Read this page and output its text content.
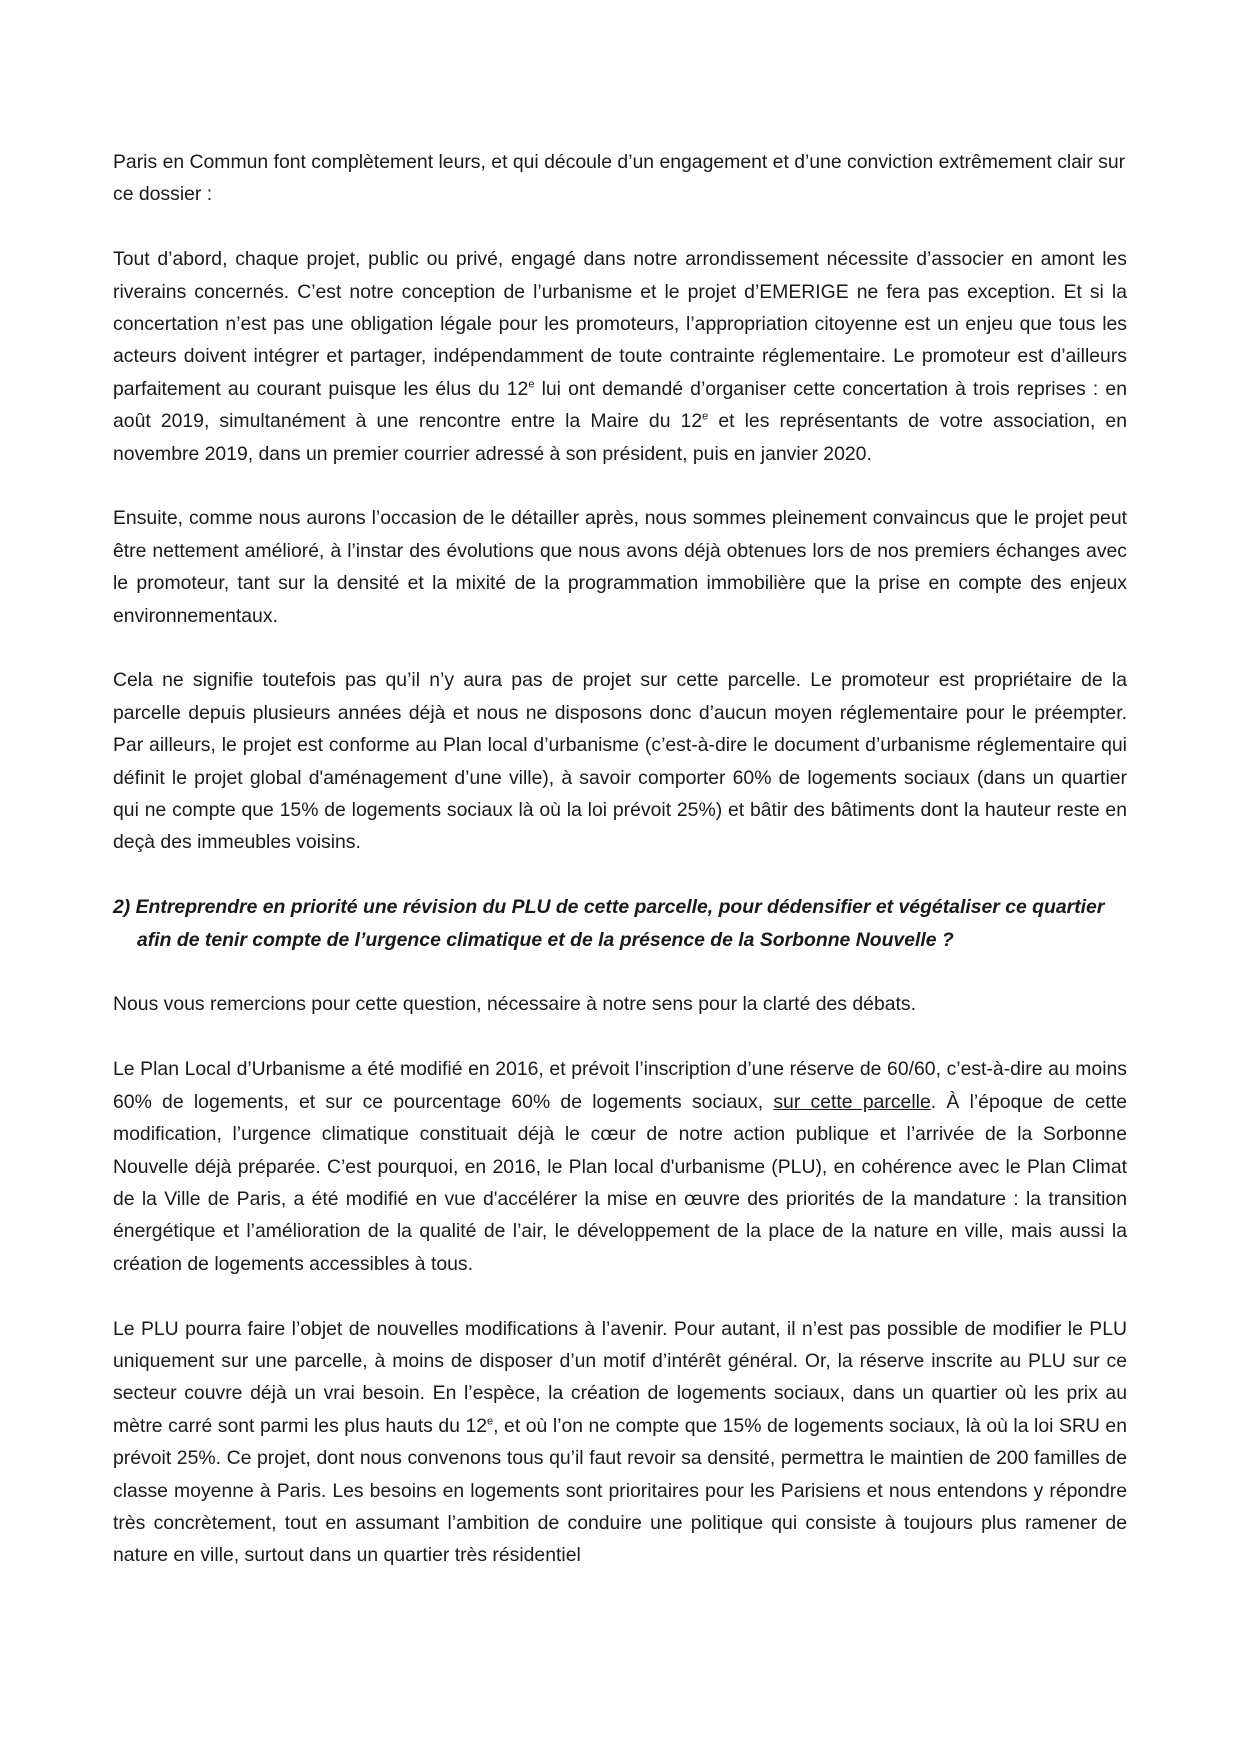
Paris en Commun font complètement leurs, et qui découle d’un engagement et d’une conviction extrêmement clair sur ce dossier :

Tout d’abord, chaque projet, public ou privé, engagé dans notre arrondissement nécessite d’associer en amont les riverains concernés. C’est notre conception de l’urbanisme et le projet d’EMERIGE ne fera pas exception. Et si la concertation n’est pas une obligation légale pour les promoteurs, l’appropriation citoyenne est un enjeu que tous les acteurs doivent intégrer et partager, indépendamment de toute contrainte réglementaire. Le promoteur est d’ailleurs parfaitement au courant puisque les élus du 12e lui ont demandé d’organiser cette concertation à trois reprises : en août 2019, simultanément à une rencontre entre la Maire du 12e et les représentants de votre association, en novembre 2019, dans un premier courrier adressé à son président, puis en janvier 2020.

Ensuite, comme nous aurons l’occasion de le détailler après, nous sommes pleinement convaincus que le projet peut être nettement amélioré, à l’instar des évolutions que nous avons déjà obtenues lors de nos premiers échanges avec le promoteur, tant sur la densité et la mixité de la programmation immobilière que la prise en compte des enjeux environnementaux.

Cela ne signifie toutefois pas qu’il n’y aura pas de projet sur cette parcelle. Le promoteur est propriétaire de la parcelle depuis plusieurs années déjà et nous ne disposons donc d’aucun moyen réglementaire pour le préempter. Par ailleurs, le projet est conforme au Plan local d’urbanisme (c’est-à-dire le document d’urbanisme réglementaire qui définit le projet global d'aménagement d’une ville), à savoir comporter 60% de logements sociaux (dans un quartier qui ne compte que 15% de logements sociaux là où la loi prévoit 25%) et bâtir des bâtiments dont la hauteur reste en deçà des immeubles voisins.

2) Entreprendre en priorité une révision du PLU de cette parcelle, pour dédensifier et végétaliser ce quartier afin de tenir compte de l’urgence climatique et de la présence de la Sorbonne Nouvelle ?

Nous vous remercions pour cette question, nécessaire à notre sens pour la clarté des débats.

Le Plan Local d’Urbanisme a été modifié en 2016, et prévoit l’inscription d’une réserve de 60/60, c’est-à-dire au moins 60% de logements, et sur ce pourcentage 60% de logements sociaux, sur cette parcelle. À l’époque de cette modification, l’urgence climatique constituait déjà le cœur de notre action publique et l’arrivée de la Sorbonne Nouvelle déjà préparée. C’est pourquoi, en 2016, le Plan local d'urbanisme (PLU), en cohérence avec le Plan Climat de la Ville de Paris, a été modifié en vue d'accélérer la mise en œuvre des priorités de la mandature : la transition énergétique et l’amélioration de la qualité de l’air, le développement de la place de la nature en ville, mais aussi la création de logements accessibles à tous.

Le PLU pourra faire l’objet de nouvelles modifications à l’avenir. Pour autant, il n’est pas possible de modifier le PLU uniquement sur une parcelle, à moins de disposer d’un motif d’intérêt général. Or, la réserve inscrite au PLU sur ce secteur couvre déjà un vrai besoin. En l’espèce, la création de logements sociaux, dans un quartier où les prix au mètre carré sont parmi les plus hauts du 12e, et où l’on ne compte que 15% de logements sociaux, là où la loi SRU en prévoit 25%. Ce projet, dont nous convenons tous qu’il faut revoir sa densité, permettra le maintien de 200 familles de classe moyenne à Paris. Les besoins en logements sont prioritaires pour les Parisiens et nous entendons y répondre très concrètement, tout en assumant l’ambition de conduire une politique qui consiste à toujours plus ramener de nature en ville, surtout dans un quartier très résidentiel
